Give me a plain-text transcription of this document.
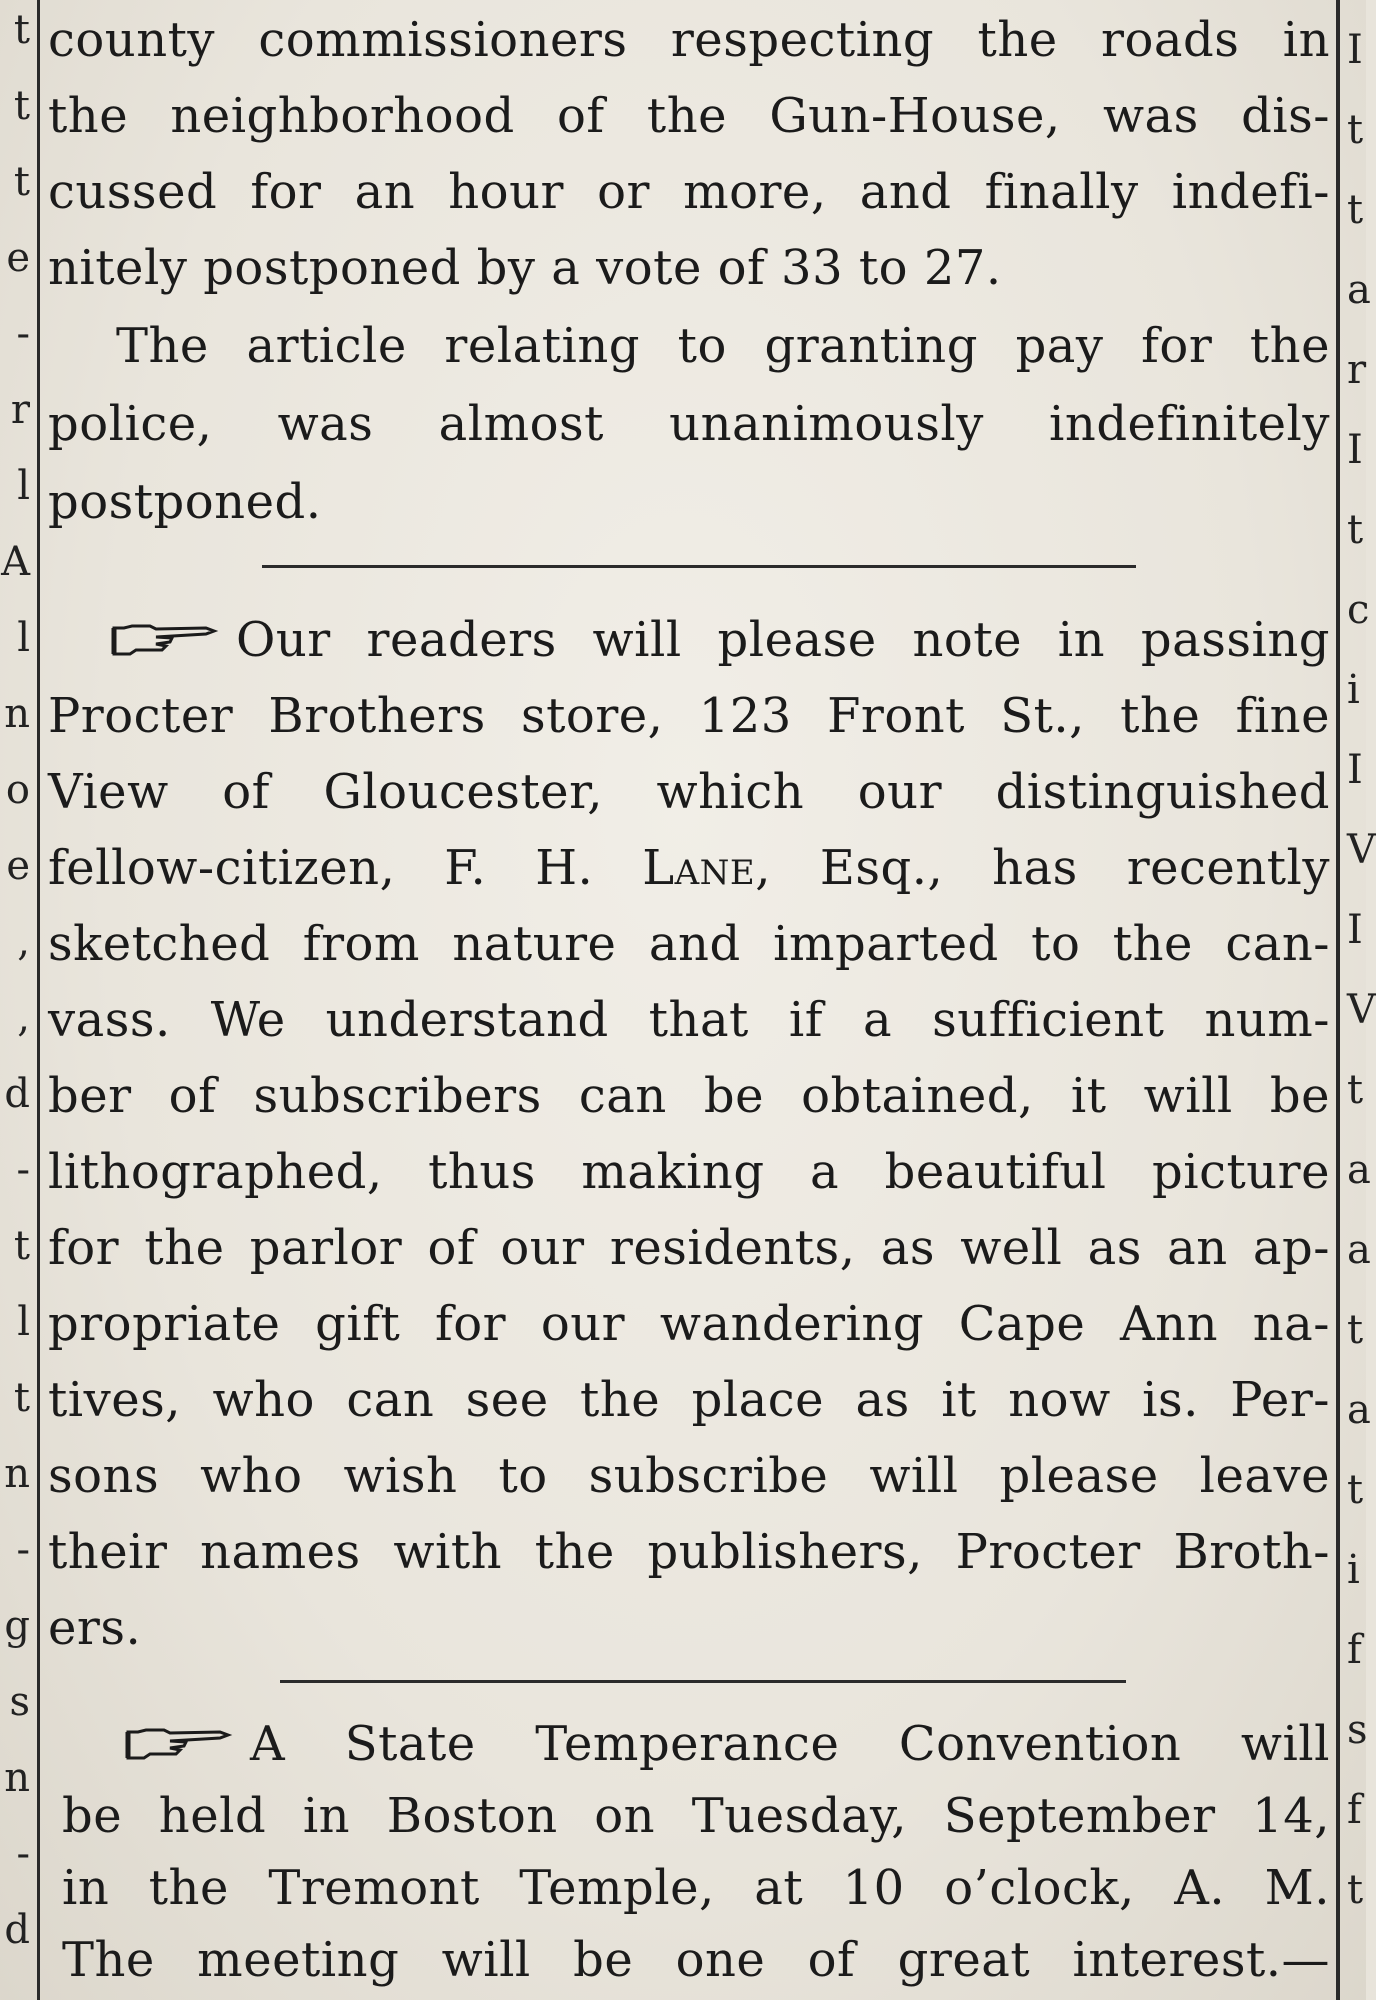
t
t
t
e
-
r
l
A
l
n
o
e
,
,
d
-
t
l
t
n
-
g
s
n
-
d
I
t
t
a
r
I
t
c
i
I
V
I
V
t
a
a
t
a
t
i
f
s
f
t
county commissioners respecting the roads in
the neighborhood of the Gun-House, was dis-
cussed for an hour or more, and finally indefi-
nitely postponed by a vote of 33 to 27.
The article relating to granting pay for the
police, was almost unanimously indefinitely
postponed.
Our readers will please note in passing
Procter Brothers store, 123 Front St., the fine
View of Gloucester, which our distinguished
fellow-citizen, F. H. Lane, Esq., has recently
sketched from nature and imparted to the can-
vass. We understand that if a sufficient num-
ber of subscribers can be obtained, it will be
lithographed, thus making a beautiful picture
for the parlor of our residents, as well as an ap-
propriate gift for our wandering Cape Ann na-
tives, who can see the place as it now is. Per-
sons who wish to subscribe will please leave
their names with the publishers, Procter Broth-
ers.
A State Temperance Convention will
be held in Boston on Tuesday, September 14,
in the Tremont Temple, at 10 o’clock, A. M.
The meeting will be one of great interest.—
